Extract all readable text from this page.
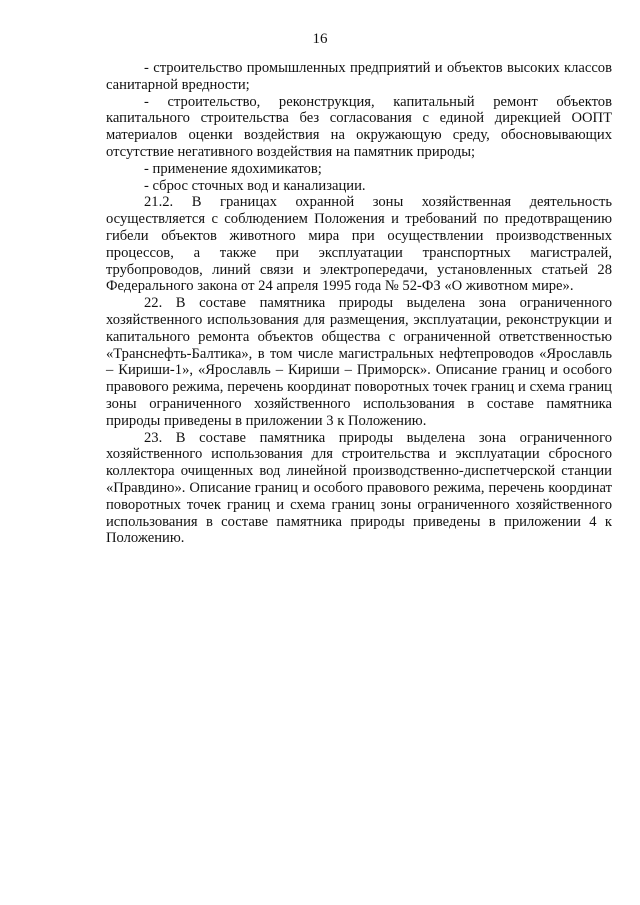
16

- строительство промышленных предприятий и объектов высоких классов санитарной вредности;

- строительство, реконструкция, капитальный ремонт объектов капитального строительства без согласования с единой дирекцией ООПТ материалов оценки воздействия на окружающую среду, обосновывающих отсутствие негативного воздействия на памятник природы;

- применение ядохимикатов;

- сброс сточных вод и канализации.

21.2. В границах охранной зоны хозяйственная деятельность осуществляется с соблюдением Положения и требований по предотвращению гибели объектов животного мира при осуществлении производственных процессов, а также при эксплуатации транспортных магистралей, трубопроводов, линий связи и электропередачи, установленных статьей 28 Федерального закона от 24 апреля 1995 года № 52-ФЗ «О животном мире».

22. В составе памятника природы выделена зона ограниченного хозяйственного использования для размещения, эксплуатации, реконструкции и капитального ремонта объектов общества с ограниченной ответственностью «Транснефть-Балтика», в том числе магистральных нефтепроводов «Ярославль – Кириши-1», «Ярославль – Кириши – Приморск». Описание границ и особого правового режима, перечень координат поворотных точек границ и схема границ зоны ограниченного хозяйственного использования в составе памятника природы приведены в приложении 3 к Положению.

23. В составе памятника природы выделена зона ограниченного хозяйственного использования для строительства и эксплуатации сбросного коллектора очищенных вод линейной производственно-диспетчерской станции «Правдино». Описание границ и особого правового режима, перечень координат поворотных точек границ и схема границ зоны ограниченного хозяйственного использования в составе памятника природы приведены в приложении 4 к Положению.
